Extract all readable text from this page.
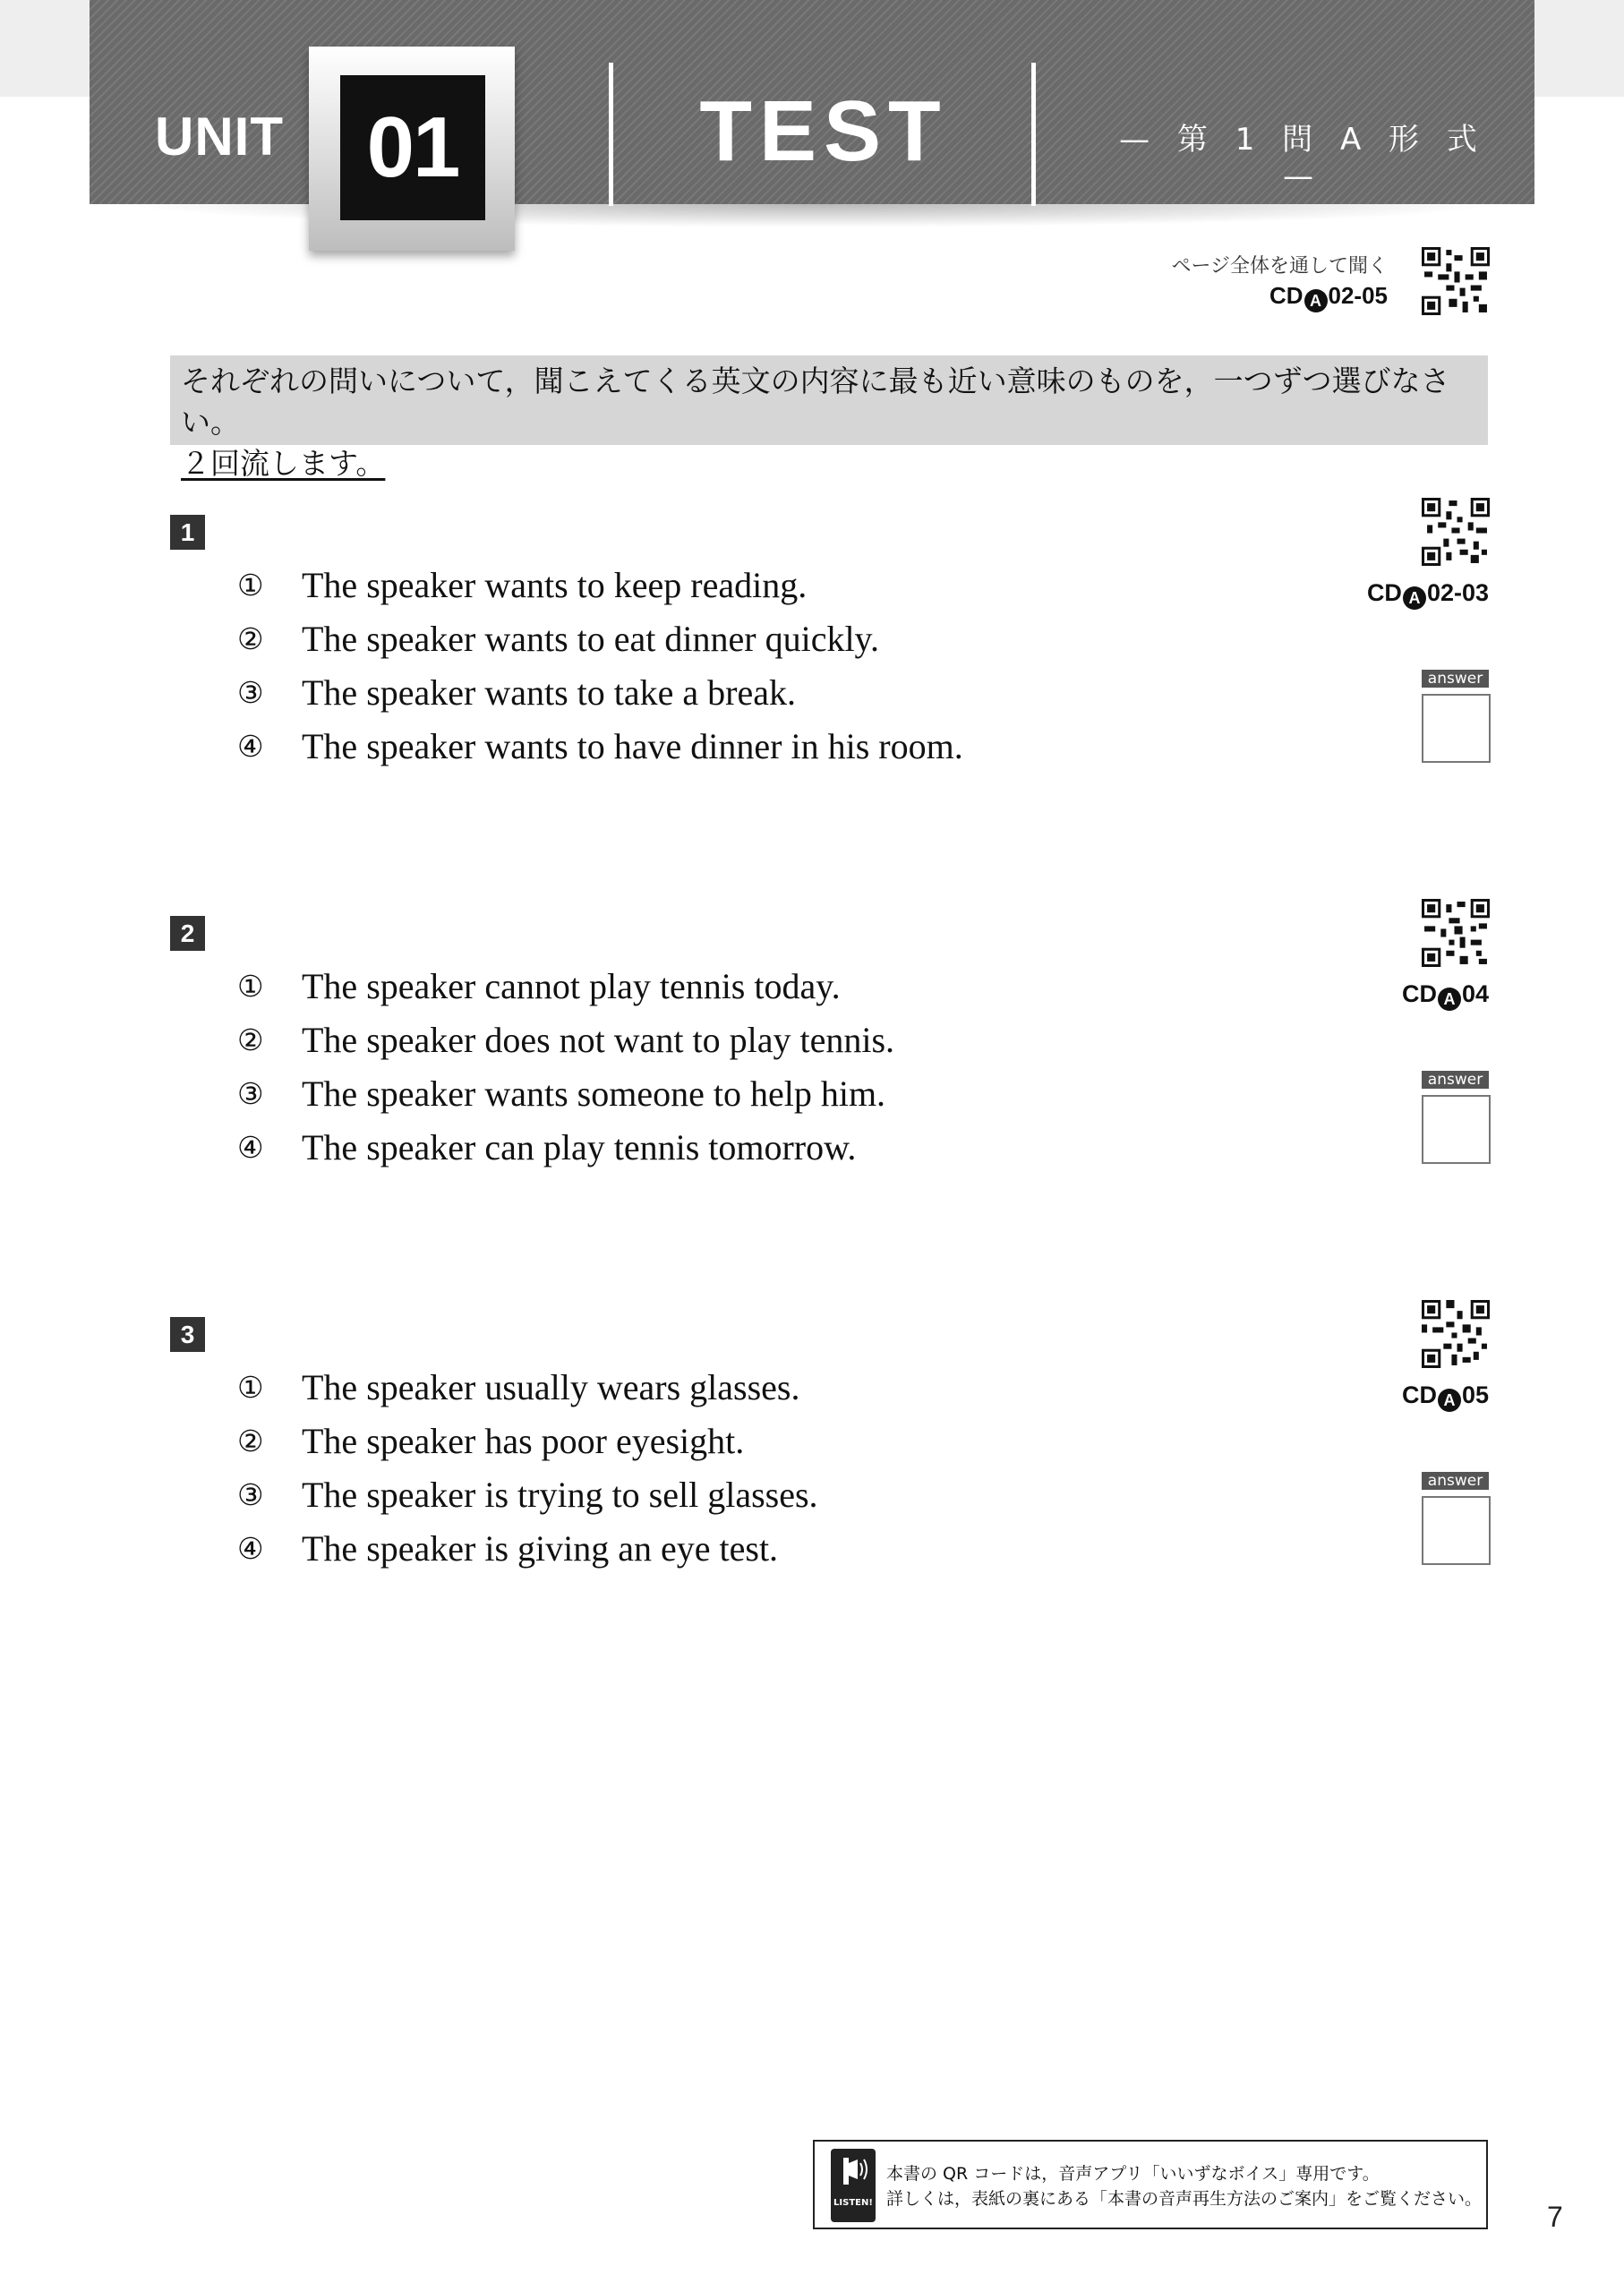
UNIT 01	TEST	— 第 1 問 A 形 式 —
ページ全体を通して聞く
CD A 02-05
それぞれの問いについて，聞こえてくる英文の内容に最も近い意味のものを，一つずつ選びなさい。
２回流します。
1
① The speaker wants to keep reading.
② The speaker wants to eat dinner quickly.
③ The speaker wants to take a break.
④ The speaker wants to have dinner in his room.
CD A 02-03
answer
2
① The speaker cannot play tennis today.
② The speaker does not want to play tennis.
③ The speaker wants someone to help him.
④ The speaker can play tennis tomorrow.
CD A 04
answer
3
① The speaker usually wears glasses.
② The speaker has poor eyesight.
③ The speaker is trying to sell glasses.
④ The speaker is giving an eye test.
CD A 05
answer
LISTEN!
本書の QR コードは，音声アプリ「いいずなボイス」専用です。
詳しくは，表紙の裏にある「本書の音声再生方法のご案内」をご覧ください。
7
